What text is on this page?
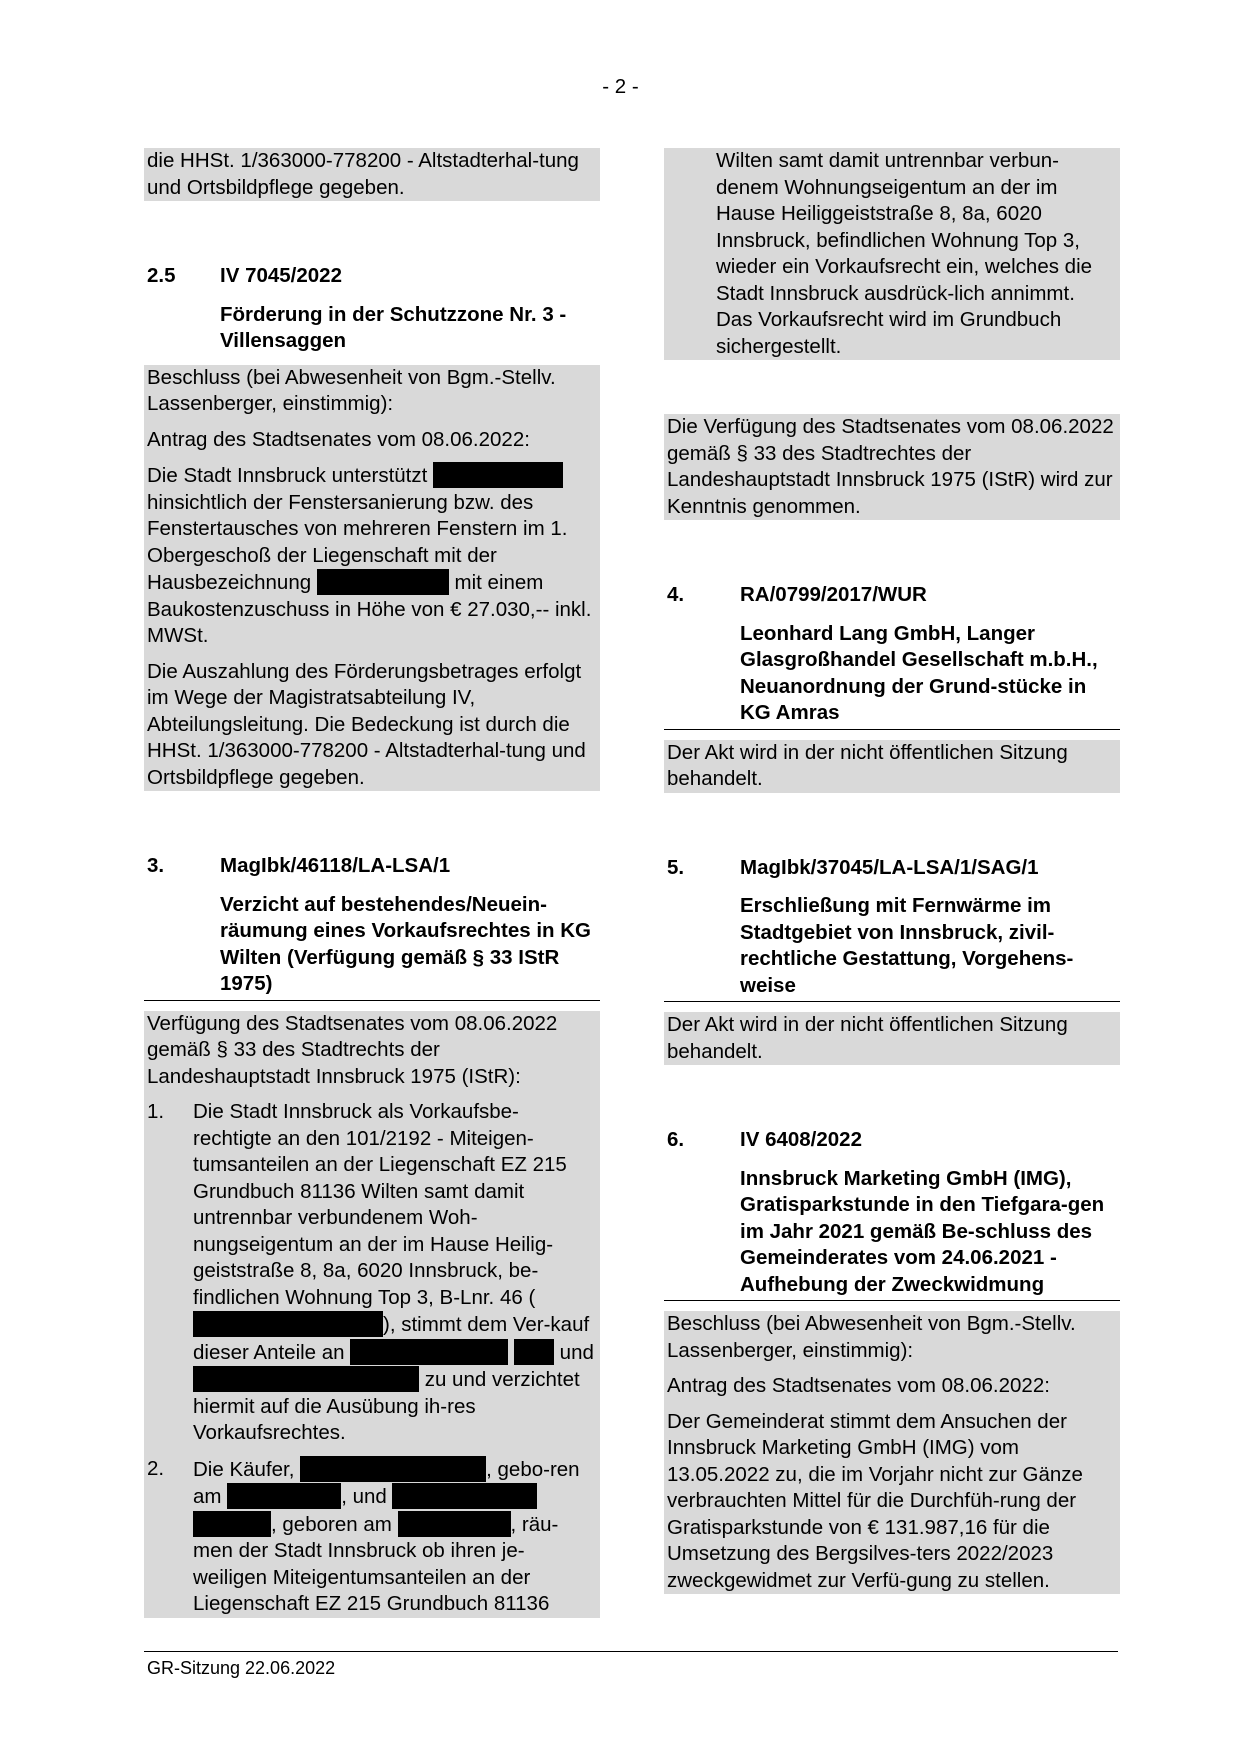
- 2 -

die HHSt. 1/363000-778200 - Altstadterhal-tung und Ortsbildpflege gegeben.

2.5 IV 7045/2022
Förderung in der Schutzzone Nr. 3 - Villensaggen

Beschluss (bei Abwesenheit von Bgm.-Stellv. Lassenberger, einstimmig):

Antrag des Stadtsenates vom 08.06.2022:

Die Stadt Innsbruck unterstützt  hinsichtlich der Fenstersanierung bzw. des Fenstertausches von mehreren Fenstern im 1. Obergeschoß der Liegenschaft mit der Hausbezeichnung	mit einem Baukostenzuschuss in Höhe von € 27.030,-- inkl. MWSt.

Die Auszahlung des Förderungsbetrages erfolgt im Wege der Magistratsabteilung IV, Abteilungsleitung. Die Bedeckung ist durch die HHSt. 1/363000-778200 - Altstadterhal-tung und Ortsbildpflege gegeben.

3.	MagIbk/46118/LA-LSA/1
Verzicht auf bestehendes/Neuein-räumung eines Vorkaufsrechtes in KG Wilten (Verfügung gemäß § 33 IStR 1975)

Verfügung des Stadtsenates vom 08.06.2022 gemäß § 33 des Stadtrechts der Landeshauptstadt Innsbruck 1975 (IStR):

1. Die Stadt Innsbruck als Vorkaufsbe-rechtigte an den 101/2192 - Miteigen-tumsanteilen an der Liegenschaft EZ 215 Grundbuch 81136 Wilten samt damit untrennbar verbundenem Woh-nungseigentum an der im Hause Heilig-geiststraße 8, 8a, 6020 Innsbruck, be-findlichen Wohnung Top 3, B-Lnr. 46 (), stimmt dem Ver-kauf dieser Anteile an	und  zu und verzichtet hiermit auf die Ausübung ih-res Vorkaufsrechtes.
2. Die Käufer,	, gebo-ren am	, und  , geboren am	, räu-men der Stadt Innsbruck ob ihren je-weiligen Miteigentumsanteilen an der Liegenschaft EZ 215 Grundbuch 81136

Wilten samt damit untrennbar verbun-denem Wohnungseigentum an der im Hause Heiliggeiststraße 8, 8a, 6020 Innsbruck, befindlichen Wohnung Top 3, wieder ein Vorkaufsrecht ein, welches die Stadt Innsbruck ausdrück-lich annimmt. Das Vorkaufsrecht wird im Grundbuch sichergestellt.

Die Verfügung des Stadtsenates vom 08.06.2022 gemäß § 33 des Stadtrechtes der Landeshauptstadt Innsbruck 1975 (IStR) wird zur Kenntnis genommen.

4.	RA/0799/2017/WUR
Leonhard Lang GmbH, Langer Glasgroßhandel Gesellschaft m.b.H., Neuanordnung der Grund-stücke in KG Amras

Der Akt wird in der nicht öffentlichen Sitzung behandelt.

5.	MagIbk/37045/LA-LSA/1/SAG/1
Erschließung mit Fernwärme im Stadtgebiet von Innsbruck, zivil-rechtliche Gestattung, Vorgehens-weise

Der Akt wird in der nicht öffentlichen Sitzung behandelt.

6.	IV 6408/2022
Innsbruck Marketing GmbH (IMG), Gratisparkstunde in den Tiefgara-gen im Jahr 2021 gemäß Be-schluss des Gemeinderates vom 24.06.2021 - Aufhebung der Zweckwidmung

Beschluss (bei Abwesenheit von Bgm.-Stellv. Lassenberger, einstimmig):

Antrag des Stadtsenates vom 08.06.2022:

Der Gemeinderat stimmt dem Ansuchen der Innsbruck Marketing GmbH (IMG) vom 13.05.2022 zu, die im Vorjahr nicht zur Gänze verbrauchten Mittel für die Durchfüh-rung der Gratisparkstunde von € 131.987,16 für die Umsetzung des Bergsilves-ters 2022/2023 zweckgewidmet zur Verfü-gung zu stellen.

GR-Sitzung 22.06.2022
